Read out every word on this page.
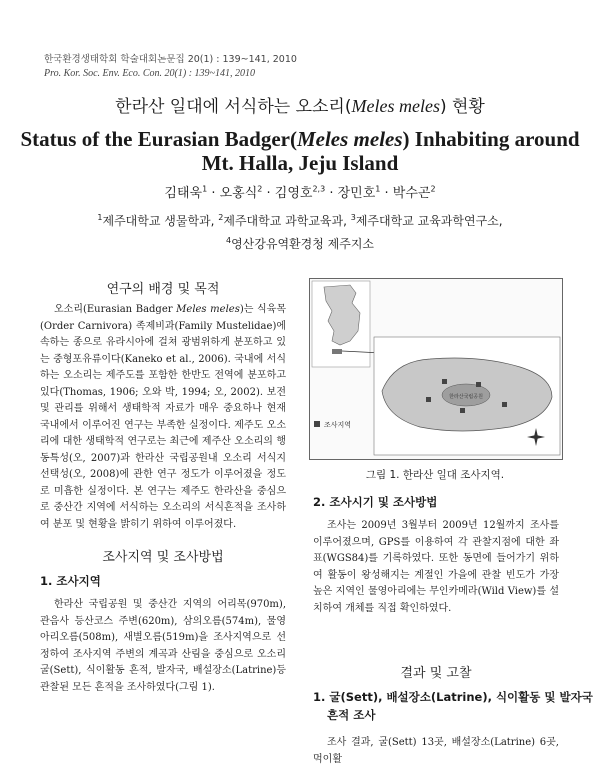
한국환경생태학회 학술대회논문집 20(1) : 139~141, 2010
Pro. Kor. Soc. Env. Eco. Con. 20(1) : 139~141, 2010
한라산 일대에 서식하는 오소리(Meles meles) 현황
Status of the Eurasian Badger(Meles meles) Inhabiting around
Mt. Halla, Jeju Island
김태욱$^1$ · 오홍식$^2$ · 김영호$^{2,3}$ · 장민호$^1$ · 박수곤$^2$
$^1$제주대학교 생물학과, $^2$제주대학교 과학교육과, $^3$제주대학교 교육과학연구소,
$^4$영산강유역환경청 제주지소
연구의 배경 및 목적

오소리(Eurasian Badger Meles meles)는 식육목(Order Carnivora) 족제비과(Family Mustelidae)에 속하는 종으로 유라시아에 걸쳐 광범위하게 분포하고 있는 중형포유류이다(Kaneko et al., 2006). 국내에 서식하는 오소리는 제주도를 포함한 한반도 전역에 분포하고 있다(Thomas, 1906; 오와 박, 1994; 오, 2002). 보전 및 관리를 위해서 생태학적 자료가 매우 중요하나 현재 국내에서 이루어진 연구는 부족한 실정이다. 제주도 오소리에 대한 생태학적 연구로는 최근에 제주산 오소리의 행동특성(오, 2007)과 한라산 국립공원내 오소리 서식지 선택성(오, 2008)에 관한 연구 정도가 이루어졌을 정도로 미흡한 실정이다. 본 연구는 제주도 한라산을 중심으로 중산간 지역에 서식하는 오소리의 서식흔적을 조사하여 분포 및 현황을 밝히기 위하여 이루어졌다.

조사지역 및 조사방법
1. 조사지역

한라산 국립공원 및 중산간 지역의 어리목(970m), 관음사 등산코스 주변(620m), 삼의오름(574m), 물영아리오름(508m), 새별오름(519m)을 조사지역으로 선정하여 조사지역 주변의 계곡과 산림을 중심으로 오소리 굴(Sett), 식이활동 흔적, 발자국, 배설장소(Latrine)등 관찰된 모든 흔적을 조사하였다(그림 1).

한라산국립공원
조사지역
그림 1. 한라산 일대 조사지역.
2. 조사시기 및 조사방법

조사는 2009년 3월부터 2009년 12월까지 조사를 이루어졌으며, GPS를 이용하여 각 관찰지점에 대한 좌표(WGS84)를 기록하였다. 또한 동면에 들어가기 위하여 활동이 왕성해지는 계절인 가을에 관찰 빈도가 가장 높은 지역인 물영아리에는 무인카메라(Wild View)를 설치하여 개체를 직접 확인하였다.

결과 및 고찰
1. 굴(Sett), 배설장소(Latrine), 식이활동 및 발자국
흔적 조사

조사 결과, 굴(Sett) 13곳, 배설장소(Latrine) 6곳, 먹이활
